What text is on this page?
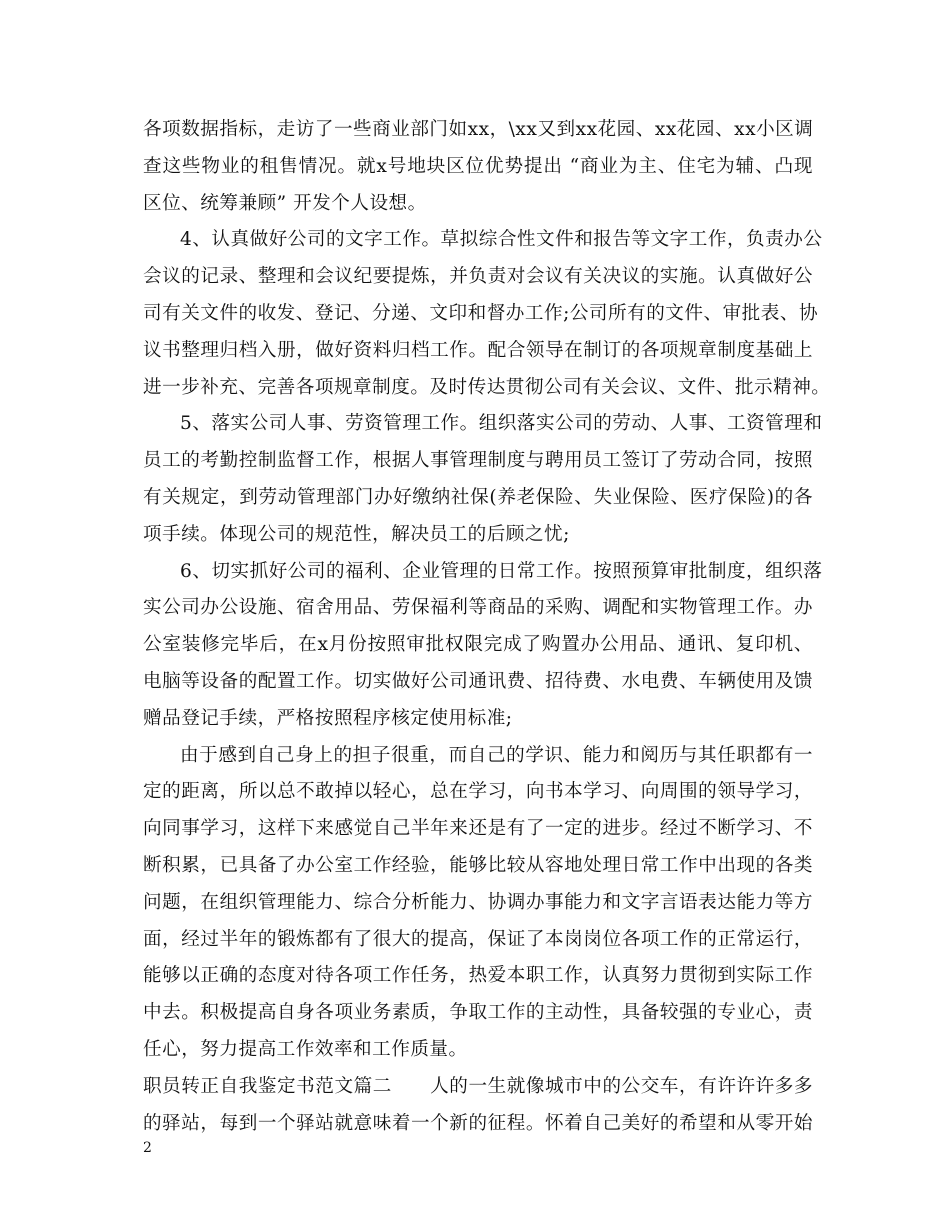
各项数据指标，走访了一些商业部门如xx，\xx又到xx花园、xx花园、xx小区调
查这些物业的租售情况。就x号地块区位优势提出 “商业为主、住宅为辅、凸现
区位、统筹兼顾” 开发个人设想。
4、认真做好公司的文字工作。草拟综合性文件和报告等文字工作，负责办公
会议的记录、整理和会议纪要提炼，并负责对会议有关决议的实施。认真做好公
司有关文件的收发、登记、分递、文印和督办工作;公司所有的文件、审批表、协
议书整理归档入册，做好资料归档工作。配合领导在制订的各项规章制度基础上
进一步补充、完善各项规章制度。及时传达贯彻公司有关会议、文件、批示精神。
5、落实公司人事、劳资管理工作。组织落实公司的劳动、人事、工资管理和
员工的考勤控制监督工作，根据人事管理制度与聘用员工签订了劳动合同，按照
有关规定，到劳动管理部门办好缴纳社保(养老保险、失业保险、医疗保险)的各
项手续。体现公司的规范性，解决员工的后顾之忧;
6、切实抓好公司的福利、企业管理的日常工作。按照预算审批制度，组织落
实公司办公设施、宿舍用品、劳保福利等商品的采购、调配和实物管理工作。办
公室装修完毕后，在x月份按照审批权限完成了购置办公用品、通讯、复印机、
电脑等设备的配置工作。切实做好公司通讯费、招待费、水电费、车辆使用及馈
赠品登记手续，严格按照程序核定使用标准;
由于感到自己身上的担子很重，而自己的学识、能力和阅历与其任职都有一
定的距离，所以总不敢掉以轻心，总在学习，向书本学习、向周围的领导学习，
向同事学习，这样下来感觉自己半年来还是有了一定的进步。经过不断学习、不
断积累，已具备了办公室工作经验，能够比较从容地处理日常工作中出现的各类
问题，在组织管理能力、综合分析能力、协调办事能力和文字言语表达能力等方
面，经过半年的锻炼都有了很大的提高，保证了本岗岗位各项工作的正常运行，
能够以正确的态度对待各项工作任务，热爱本职工作，认真努力贯彻到实际工作
中去。积极提高自身各项业务素质，争取工作的主动性，具备较强的专业心，责
任心，努力提高工作效率和工作质量。
职员转正自我鉴定书范文篇二　　人的一生就像城市中的公交车，有许许许多多
的驿站，每到一个驿站就意味着一个新的征程。怀着自己美好的希望和从零开始
2
